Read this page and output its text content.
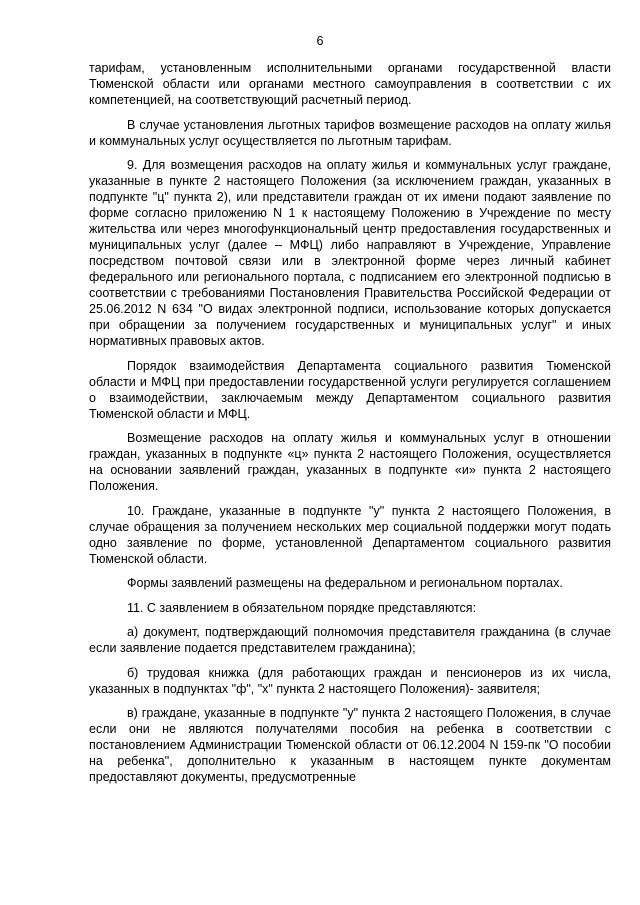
6

тарифам, установленным исполнительными органами государственной власти Тюменской области или органами местного самоуправления в соответствии с их компетенцией, на соответствующий расчетный период.

В случае установления льготных тарифов возмещение расходов на оплату жилья и коммунальных услуг осуществляется по льготным тарифам.

9. Для возмещения расходов на оплату жилья и коммунальных услуг граждане, указанные в пункте 2 настоящего Положения (за исключением граждан, указанных в подпункте "ц" пункта 2), или представители граждан от их имени подают заявление по форме согласно приложению N 1 к настоящему Положению в Учреждение по месту жительства или через многофункциональный центр предоставления государственных и муниципальных услуг (далее – МФЦ) либо направляют в Учреждение, Управление посредством почтовой связи или в электронной форме через личный кабинет федерального или регионального портала, с подписанием его электронной подписью в соответствии с требованиями Постановления Правительства Российской Федерации от 25.06.2012 N 634 "О видах электронной подписи, использование которых допускается при обращении за получением государственных и муниципальных услуг" и иных нормативных правовых актов.

Порядок взаимодействия Департамента социального развития Тюменской области и МФЦ при предоставлении государственной услуги регулируется соглашением о взаимодействии, заключаемым между Департаментом социального развития Тюменской области и МФЦ.

Возмещение расходов на оплату жилья и коммунальных услуг в отношении граждан, указанных в подпункте «ц» пункта 2 настоящего Положения, осуществляется на основании заявлений граждан, указанных в подпункте «и» пункта 2 настоящего Положения.

10. Граждане, указанные в подпункте "у" пункта 2 настоящего Положения, в случае обращения за получением нескольких мер социальной поддержки могут подать одно заявление по форме, установленной Департаментом социального развития Тюменской области.

Формы заявлений размещены на федеральном и региональном порталах.

11. С заявлением в обязательном порядке представляются:

а) документ, подтверждающий полномочия представителя гражданина (в случае если заявление подается представителем гражданина);

б) трудовая книжка (для работающих граждан и пенсионеров из их числа, указанных в подпунктах "ф", "х" пункта 2 настоящего Положения)- заявителя;

в) граждане, указанные в подпункте "у" пункта 2 настоящего Положения, в случае если они не являются получателями пособия на ребенка в соответствии с постановлением Администрации Тюменской области от 06.12.2004 N 159-пк "О пособии на ребенка", дополнительно к указанным в настоящем пункте документам предоставляют документы, предусмотренные
